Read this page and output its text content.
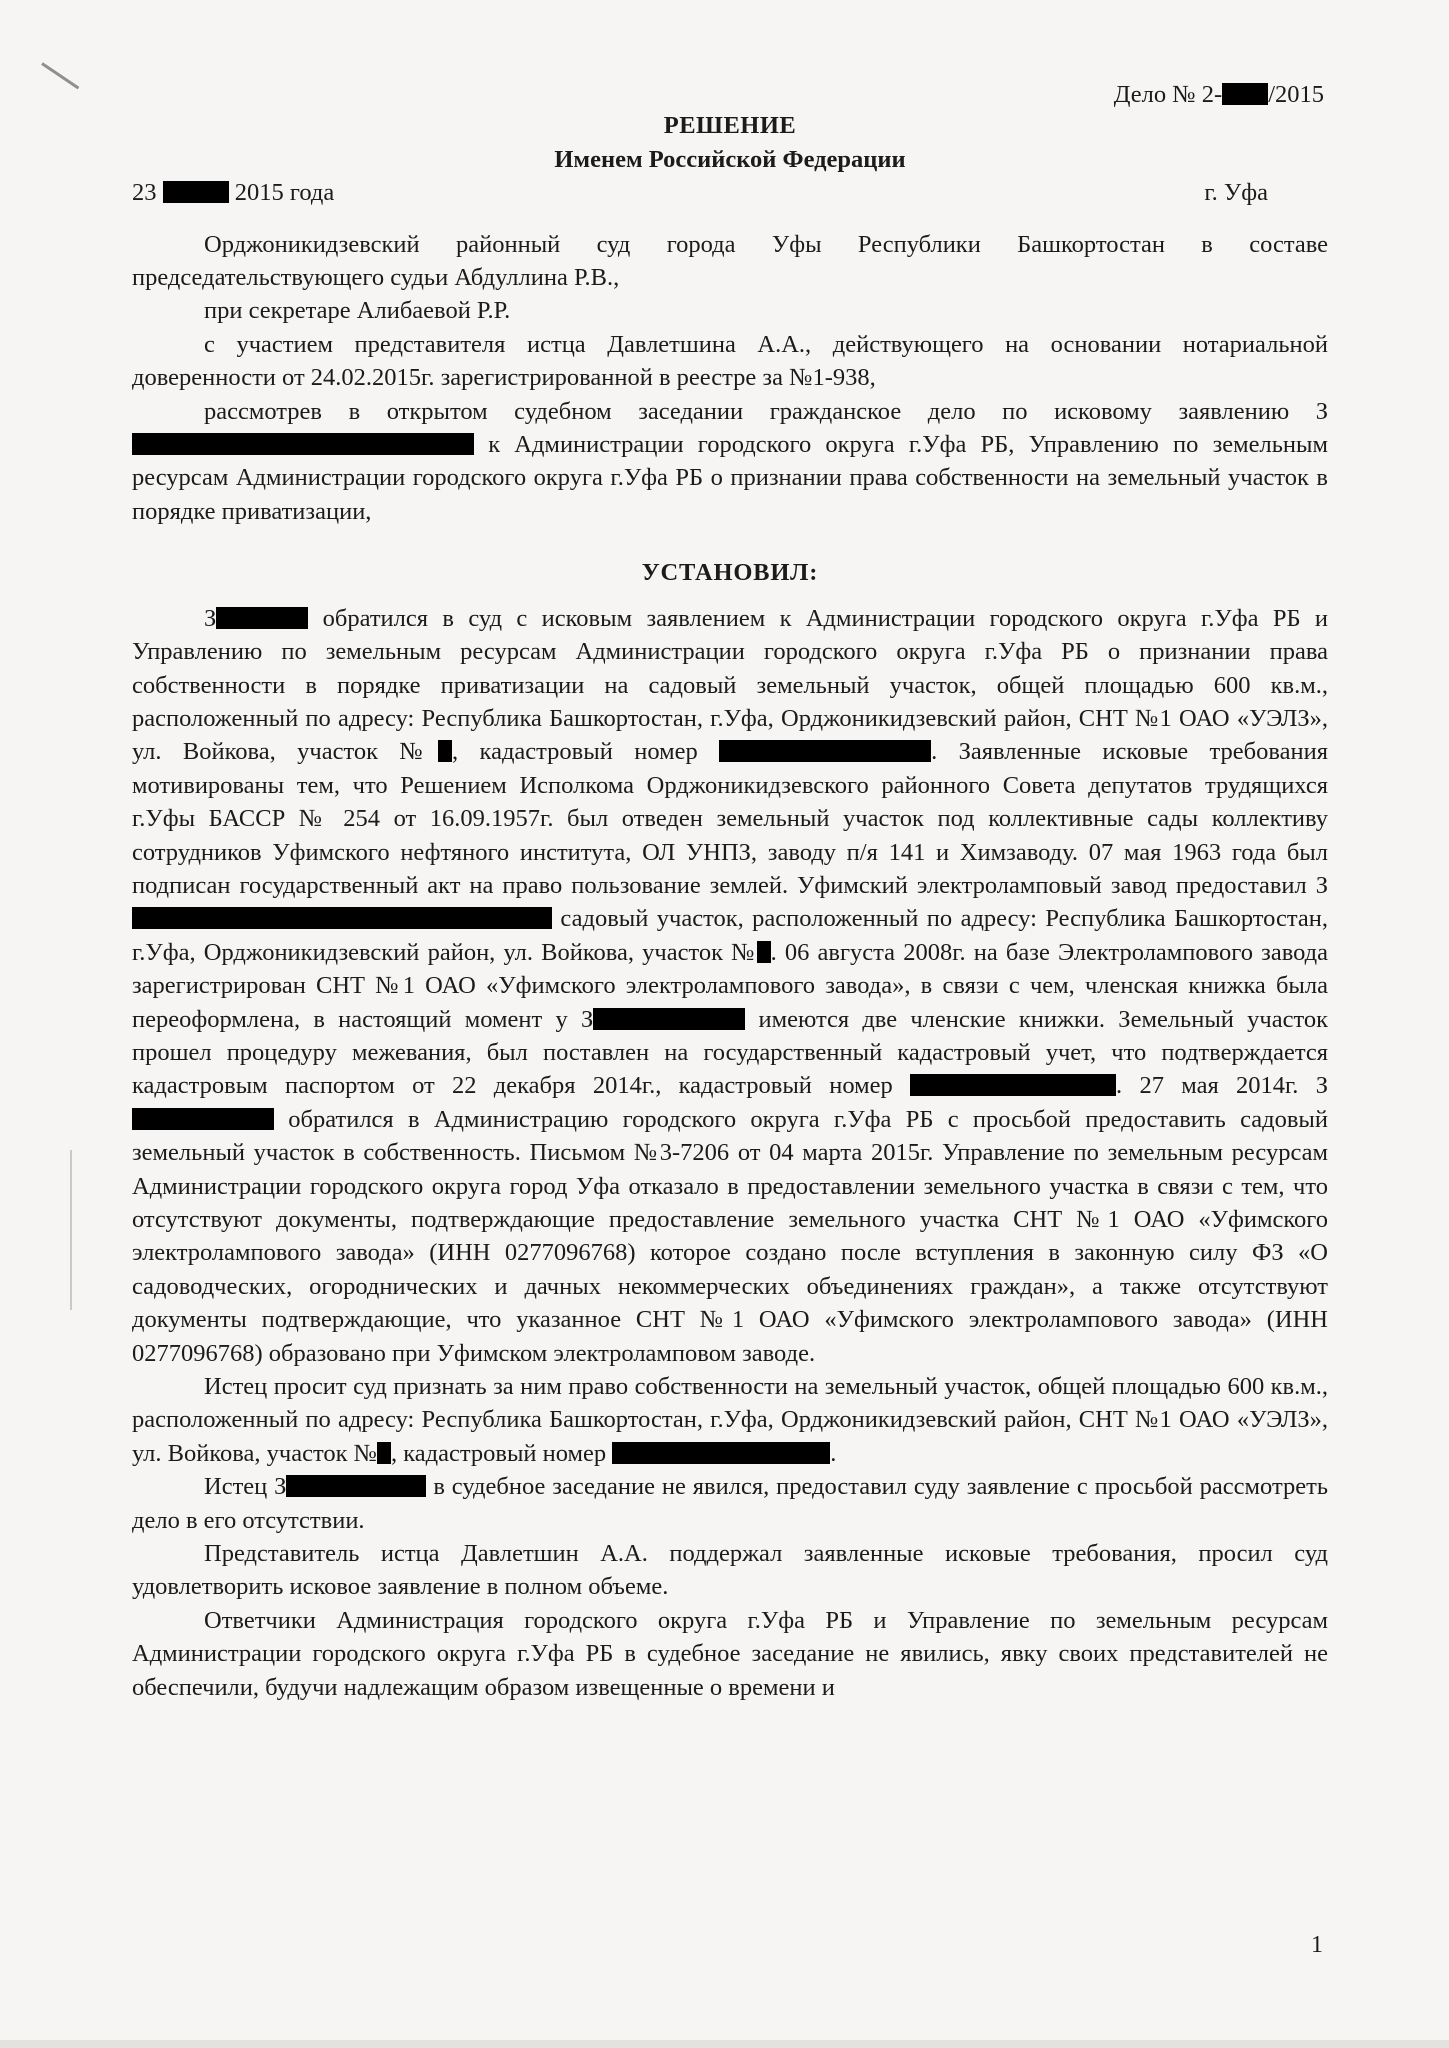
Дело № 2- /2015
РЕШЕНИЕ
Именем Российской Федерации
23	2015 года	г. Уфа

Орджоникидзевский районный суд города Уфы Республики Башкортостан в составе председательствующего судьи Абдуллина Р.В.,

при секретаре Алибаевой Р.Р.

с участием представителя истца Давлетшина А.А., действующего на основании нотариальной доверенности от 24.02.2015г. зарегистрированной в реестре за №1-938,

рассмотрев в открытом судебном заседании гражданское дело по исковому заявлению З к Администрации городского округа г.Уфа РБ, Управлению по земельным ресурсам Администрации городского округа г.Уфа РБ о признании права собственности на земельный участок в порядке приватизации,

УСТАНОВИЛ:

З	обратился в суд с исковым заявлением к Администрации городского округа г.Уфа РБ и Управлению по земельным ресурсам Администрации городского округа г.Уфа РБ о признании права собственности в порядке приватизации на садовый земельный участок, общей площадью 600 кв.м., расположенный по адресу: Республика Башкортостан, г.Уфа, Орджоникидзевский район, СНТ №1 ОАО «УЭЛЗ», ул. Войкова, участок № , кадастровый номер	. Заявленные исковые требования мотивированы тем, что Решением Исполкома Орджоникидзевского районного Совета депутатов трудящихся г.Уфы БАССР № 254 от 16.09.1957г. был отведен земельный участок под коллективные сады коллективу сотрудников Уфимского нефтяного института, ОЛ УНПЗ, заводу п/я 141 и Химзаводу. 07 мая 1963 года был подписан государственный акт на право пользование землей. Уфимский электроламповый завод предоставил З садовый участок, расположенный по адресу: Республика Башкортостан, г.Уфа, Орджоникидзевский район, ул. Войкова, участок № . 06 августа 2008г. на базе Электролампового завода зарегистрирован СНТ №1 ОАО «Уфимского электролампового завода», в связи с чем, членская книжка была переоформлена, в настоящий момент у З	имеются две членские книжки. Земельный участок прошел процедуру межевания, был поставлен на государственный кадастровый учет, что подтверждается кадастровым паспортом от 22 декабря 2014г., кадастровый номер	. 27 мая 2014г. З обратился в Администрацию городского округа г.Уфа РБ с просьбой предоставить садовый земельный участок в собственность. Письмом №3-7206 от 04 марта 2015г. Управление по земельным ресурсам Администрации городского округа город Уфа отказало в предоставлении земельного участка в связи с тем, что отсутствуют документы, подтверждающие предоставление земельного участка СНТ №1 ОАО «Уфимского электролампового завода» (ИНН 0277096768) которое создано после вступления в законную силу ФЗ «О садоводческих, огороднических и дачных некоммерческих объединениях граждан», а также отсутствуют документы подтверждающие, что указанное СНТ №1 ОАО «Уфимского электролампового завода» (ИНН 0277096768) образовано при Уфимском электроламповом заводе.

Истец просит суд признать за ним право собственности на земельный участок, общей площадью 600 кв.м., расположенный по адресу: Республика Башкортостан, г.Уфа, Орджоникидзевский район, СНТ №1 ОАО «УЭЛЗ», ул. Войкова, участок № , кадастровый номер	.

Истец З	в судебное заседание не явился, предоставил суду заявление с просьбой рассмотреть дело в его отсутствии.

Представитель истца Давлетшин А.А. поддержал заявленные исковые требования, просил суд удовлетворить исковое заявление в полном объеме.

Ответчики Администрация городского округа г.Уфа РБ и Управление по земельным ресурсам Администрации городского округа г.Уфа РБ в судебное заседание не явились, явку своих представителей не обеспечили, будучи надлежащим образом извещенные о времени и

1
